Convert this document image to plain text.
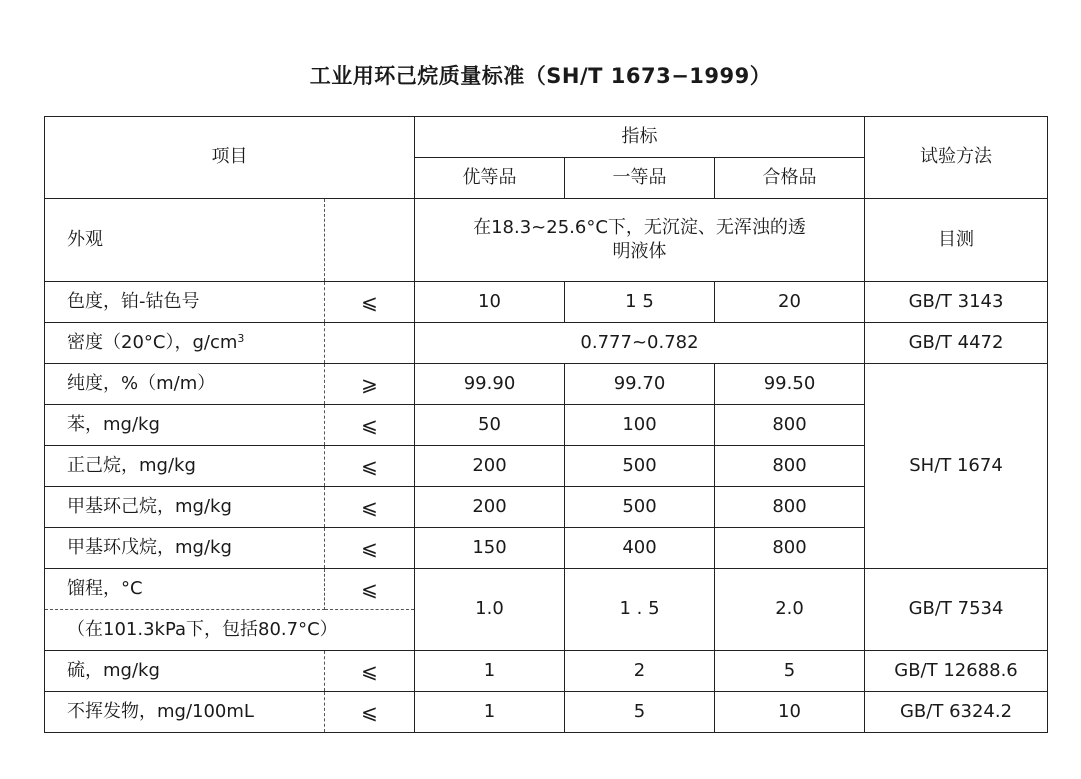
工业用环己烷质量标准（SH/T 1673−1999）
项目		指标			试验方法
		优等品	一等品	合格品	
外观		在18.3~25.6°C下，无沉淀、无浑浊的透明液体			目测
色度，铂-钴色号	⩽	10	1 5	20	GB/T 3143
密度（20°C），$g/cm^3$		0.777~0.782			GB/T 4472
纯度，%（m/m）	⩾	99.90	99.70	99.50	SH/T 1674
苯，mg/kg	⩽	50	100	800	
正己烷，mg/kg	⩽	200	500	800	
甲基环己烷，mg/kg	⩽	200	500	800	
甲基环戊烷，mg/kg	⩽	150	400	800	
馏程，°C	⩽	1.0	1 . 5	2.0	GB/T 7534
（在101.3kPa下，包括80.7°C）					
硫，mg/kg	⩽	1	2	5	GB/T 12688.6
不挥发物，mg/100mL	⩽	1	5	10	GB/T 6324.2
